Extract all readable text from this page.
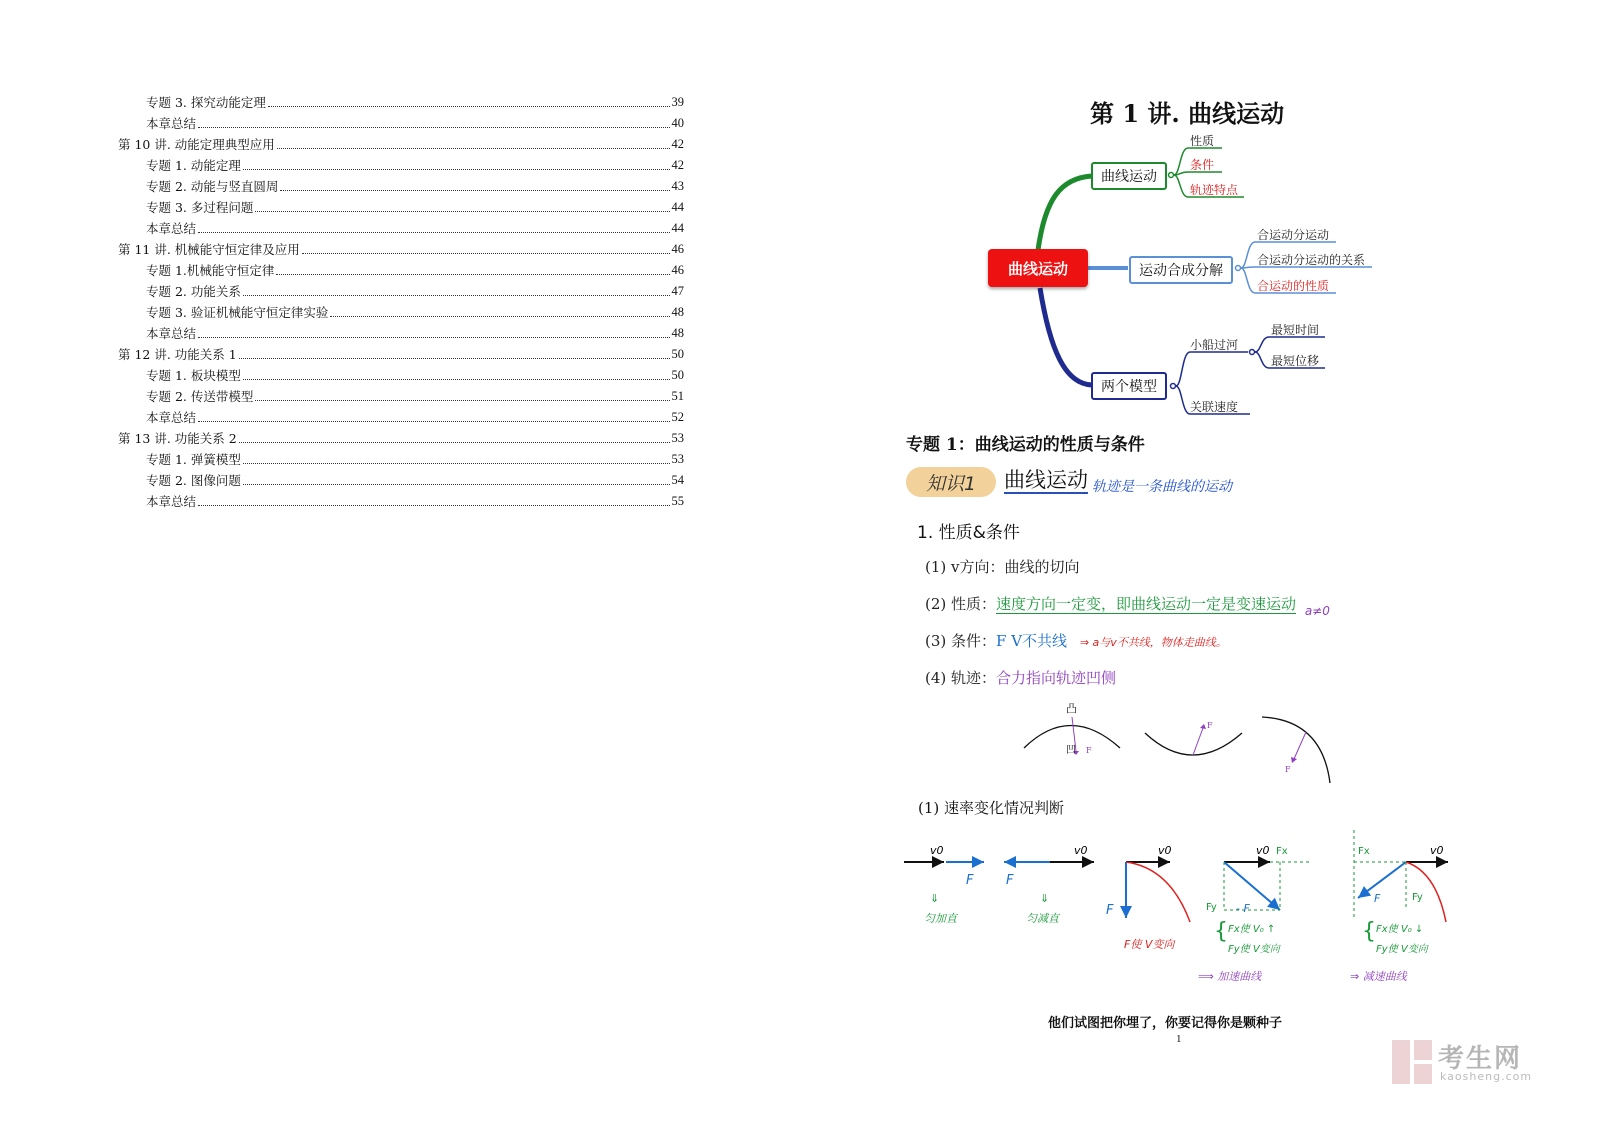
专题 3. 探究动能定理	39
本章总结	40
第 10 讲. 动能定理典型应用	42
专题 1. 动能定理	42
专题 2. 动能与竖直圆周	43
专题 3. 多过程问题	44
本章总结	44
第 11 讲. 机械能守恒定律及应用	46
专题 1.机械能守恒定律	46
专题 2. 功能关系	47
专题 3. 验证机械能守恒定律实验	48
本章总结	48
第 12 讲. 功能关系 1	50
专题 1. 板块模型	50
专题 2. 传送带模型	51
本章总结	52
第 13 讲. 功能关系 2	53
专题 1. 弹簧模型	53
专题 2. 图像问题	54
本章总结	55
第 1 讲. 曲线运动
曲线运动
曲线运动
性质
条件
轨迹特点
运动合成分解
合运动分运动
合运动分运动的关系
合运动的性质
两个模型
小船过河
最短时间
最短位移
关联速度
专题 1：曲线运动的性质与条件
知识1	曲线运动 轨迹是一条曲线的运动
1. 性质&条件
(1) v方向：曲线的切向
(2) 性质：速度方向一定变，即曲线运动一定是变速运动 $_{a\ne 0}$
(3) 条件：F V不共线 ⇒ a与v不共线，物体走曲线。
(4) 轨迹：合力指向轨迹凹侧
凸
凹 F
F
F
(1) 速率变化情况判断
v0
F
⇓
匀加直
v0
F
⇓
匀减直
v0
F
F使 V变向
v0 Fx
Fy - F
{ Fx使 V₀ ↑
Fy使 V变向
⟹ 加速曲线
v0
Fx
F	Fy
{ Fx使 V₀ ↓
Fy使 V变向
⇒ 减速曲线
他们试图把你埋了，你要记得你是颗种子
1
考生网
kaosheng.com
